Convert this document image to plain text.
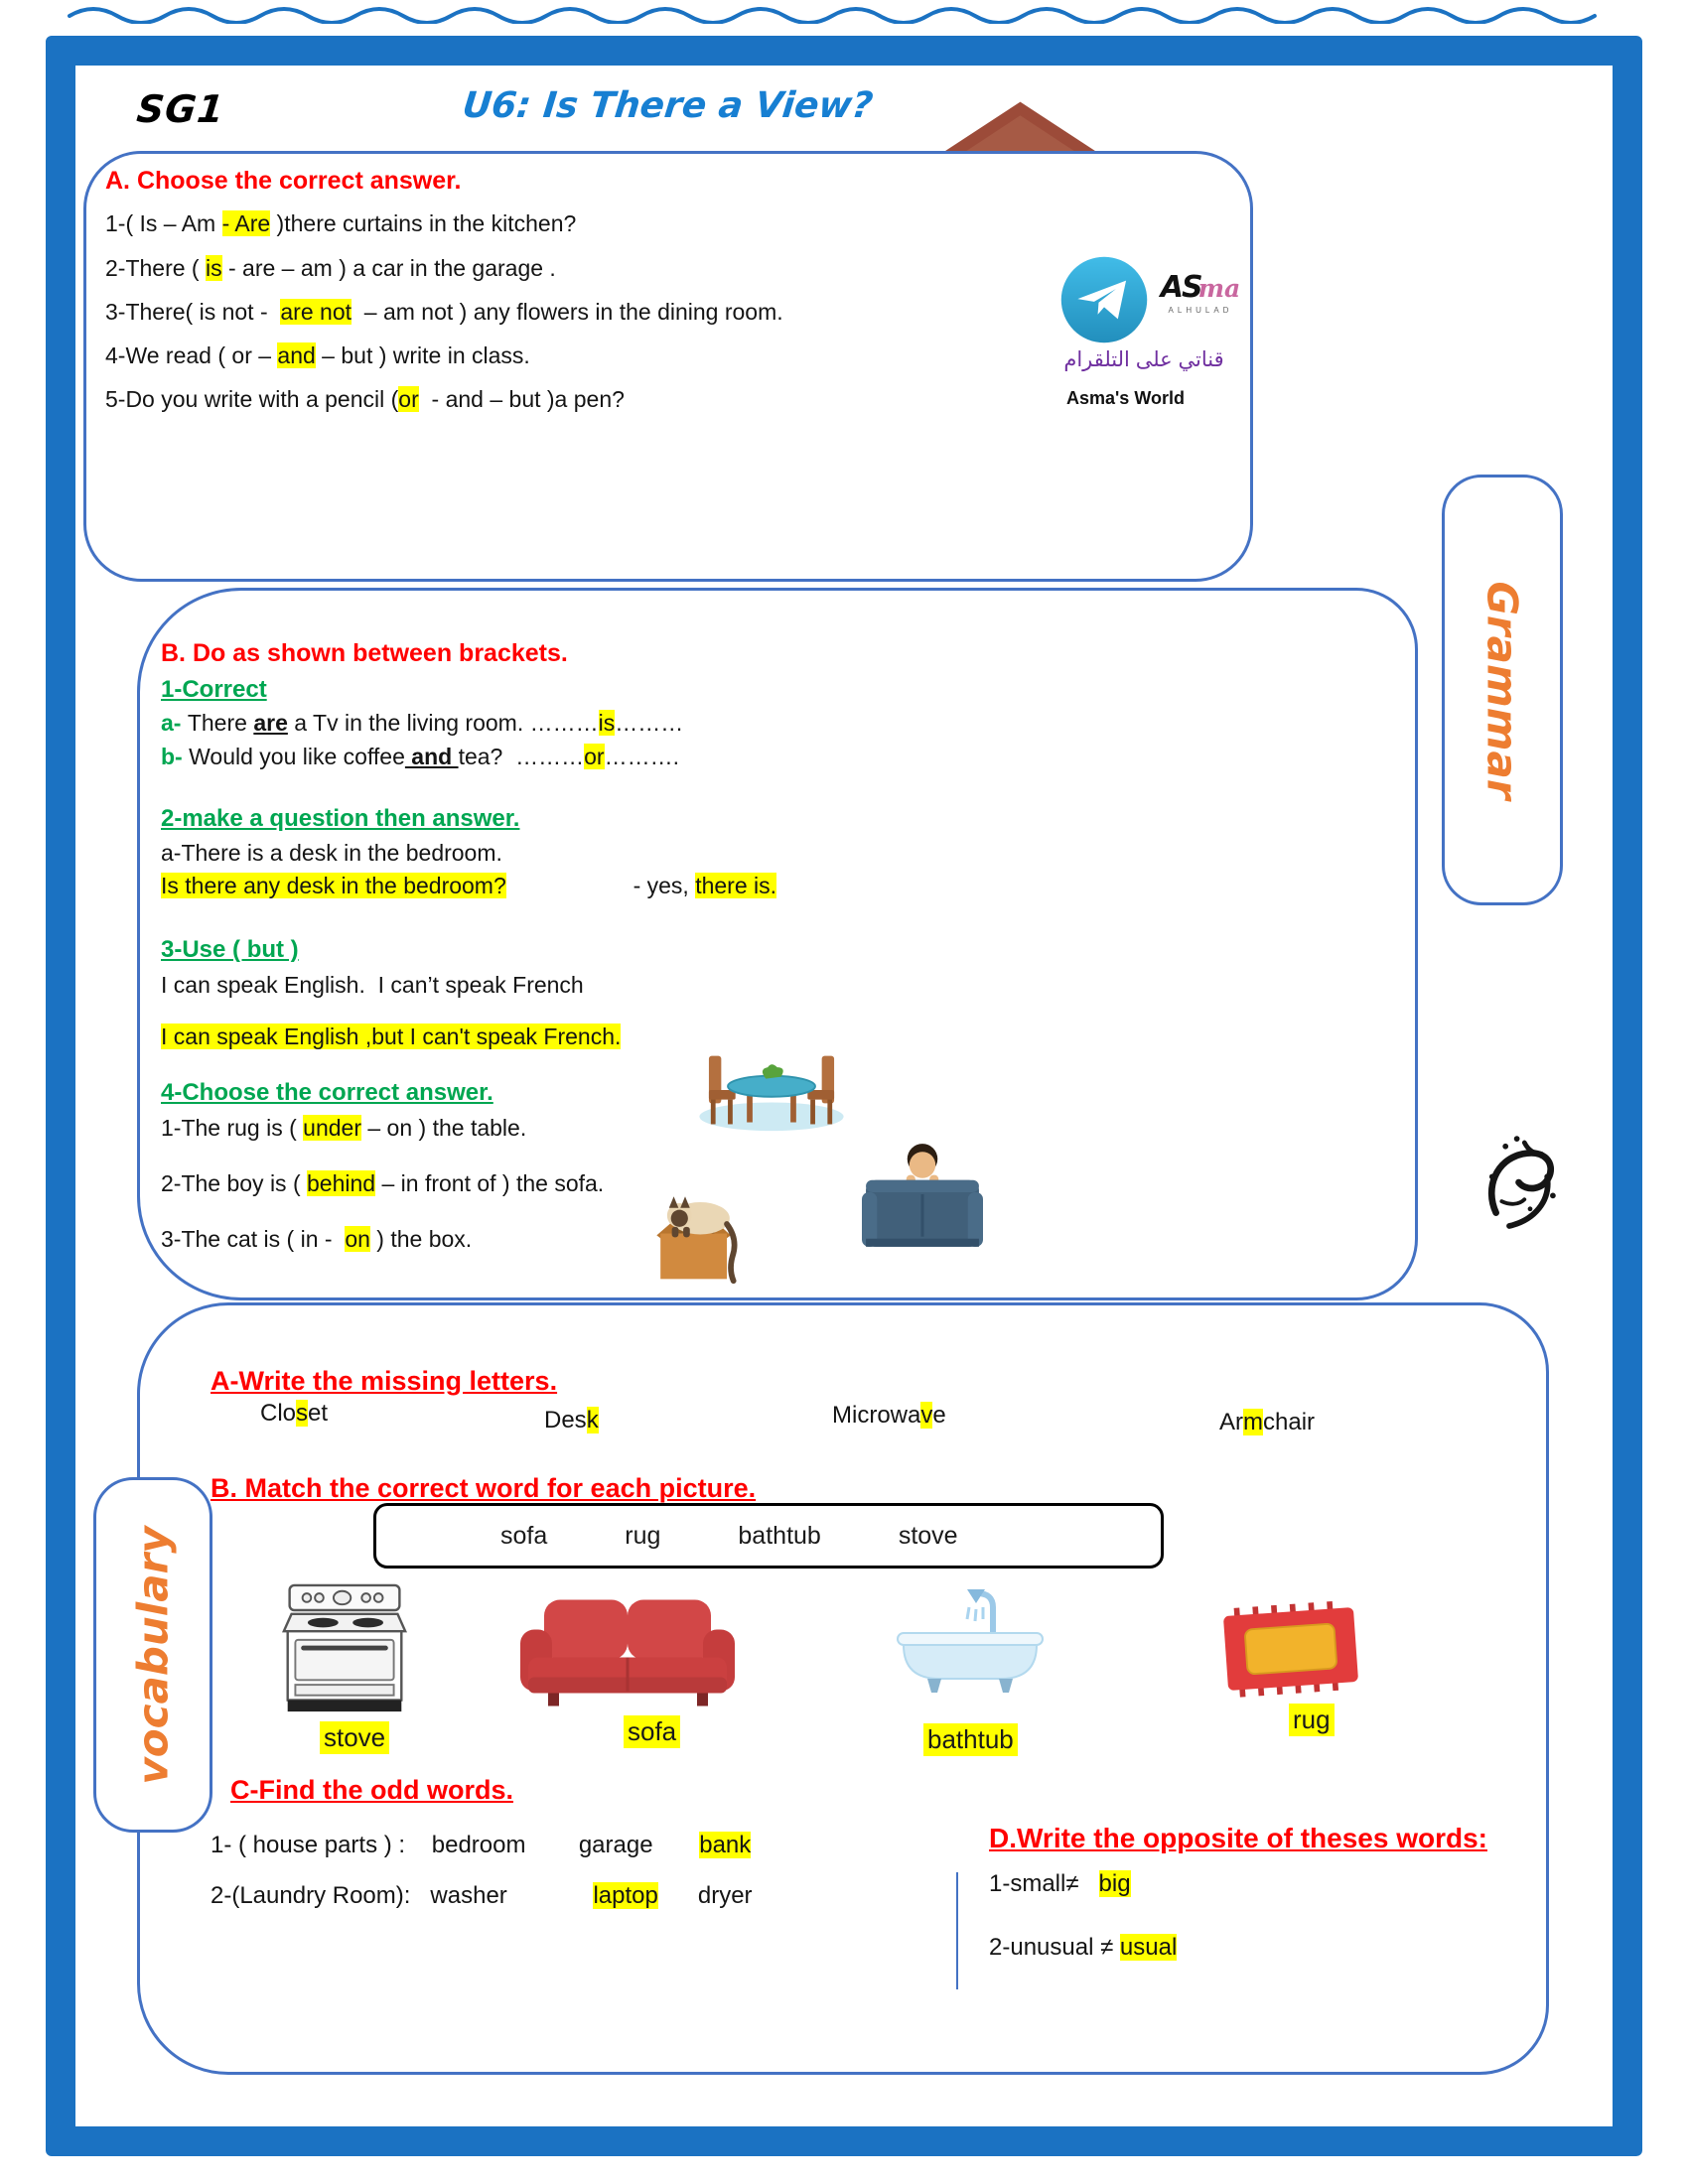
SG1	U6: Is There a View?
A. Choose the correct answer.
1-( Is – Am - Are )there curtains in the kitchen?
2-There ( is - are – am ) a car in the garage .
3-There( is not -  are not  – am not ) any flowers in the dining room.
4-We read ( or – and – but ) write in class.
5-Do you write with a pencil (or  - and – but )a pen?
ASma
ALHULAD
قناتي على التلقرام
Asma's World
Grammar
B. Do as shown between brackets.
1-Correct
a- There are a Tv in the living room. ………is………
b- Would you like coffee and tea?  ………or……….
2-make a question then answer.
a-There is a desk in the bedroom.
Is there any desk in the bedroom?                    - yes, there is.
3-Use ( but )
I can speak English.  I can’t speak French
I can speak English ,but I can't speak French.
4-Choose the correct answer.
1-The rug is ( under – on ) the table.
2-The boy is ( behind – in front of ) the sofa.
3-The cat is ( in -  on ) the box.
A-Write the missing letters.
Closet	Desk	Microwave	Armchair
B. Match the correct word for each picture.
sofa	rug	bathtub	stove
stove	sofa	bathtub
rug
C-Find the odd words.
1- ( house parts ) :    bedroom        garage       bank
2-(Laundry Room):   washer             laptop      dryer
D.Write the opposite of theses words:
1-small≠   big
2-unusual ≠ usual
vocabulary
